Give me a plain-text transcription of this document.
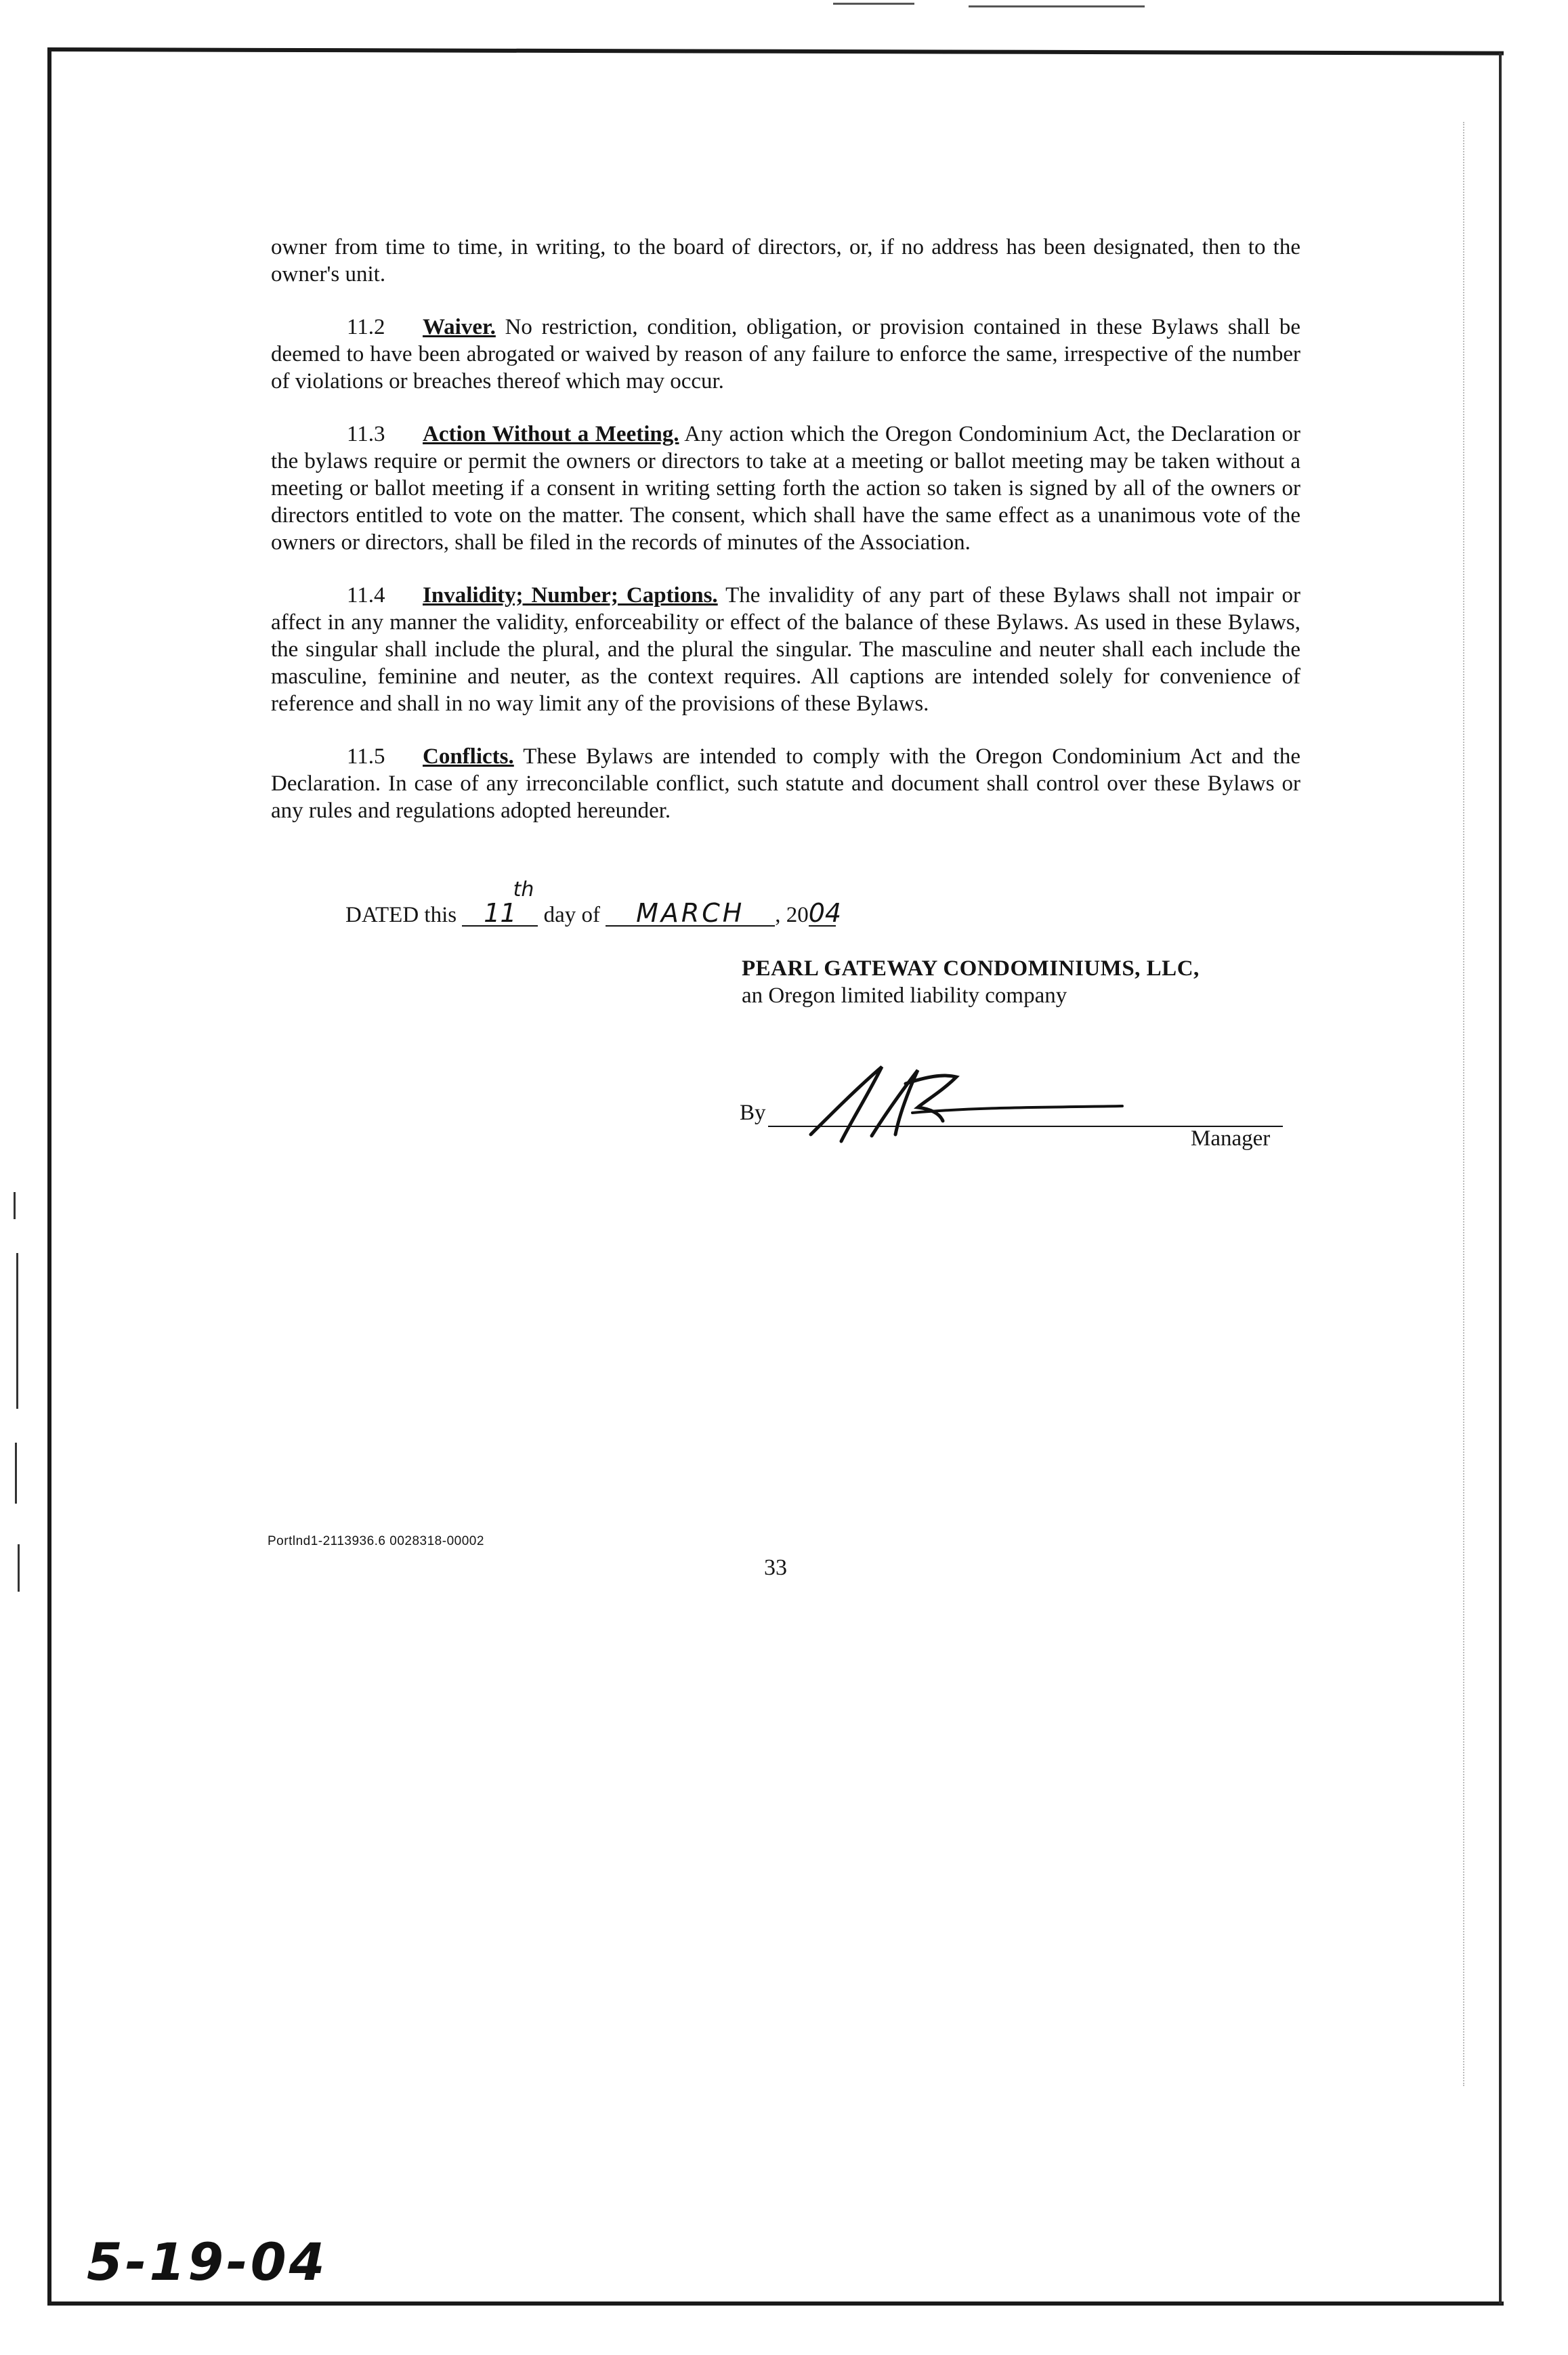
owner from time to time, in writing, to the board of directors, or, if no address has been designated, then to the owner's unit.

11.2 Waiver. No restriction, condition, obligation, or provision contained in these Bylaws shall be deemed to have been abrogated or waived by reason of any failure to enforce the same, irrespective of the number of violations or breaches thereof which may occur.

11.3 Action Without a Meeting. Any action which the Oregon Condominium Act, the Declaration or the bylaws require or permit the owners or directors to take at a meeting or ballot meeting may be taken without a meeting or ballot meeting if a consent in writing setting forth the action so taken is signed by all of the owners or directors entitled to vote on the matter. The consent, which shall have the same effect as a unanimous vote of the owners or directors, shall be filed in the records of minutes of the Association.

11.4 Invalidity; Number; Captions. The invalidity of any part of these Bylaws shall not impair or affect in any manner the validity, enforceability or effect of the balance of these Bylaws. As used in these Bylaws, the singular shall include the plural, and the plural the singular. The masculine and neuter shall each include the masculine, feminine and neuter, as the context requires. All captions are intended solely for convenience of reference and shall in no way limit any of the provisions of these Bylaws.

11.5 Conflicts. These Bylaws are intended to comply with the Oregon Condominium Act and the Declaration. In case of any irreconcilable conflict, such statute and document shall control over these Bylaws or any rules and regulations adopted hereunder.

DATED this 11
th
day of MARCH , 2004
PEARL GATEWAY CONDOMINIUMS, LLC,
an Oregon limited liability company
By
Manager
Portlnd1-2113936.6 0028318-00002
33
5-19-04
